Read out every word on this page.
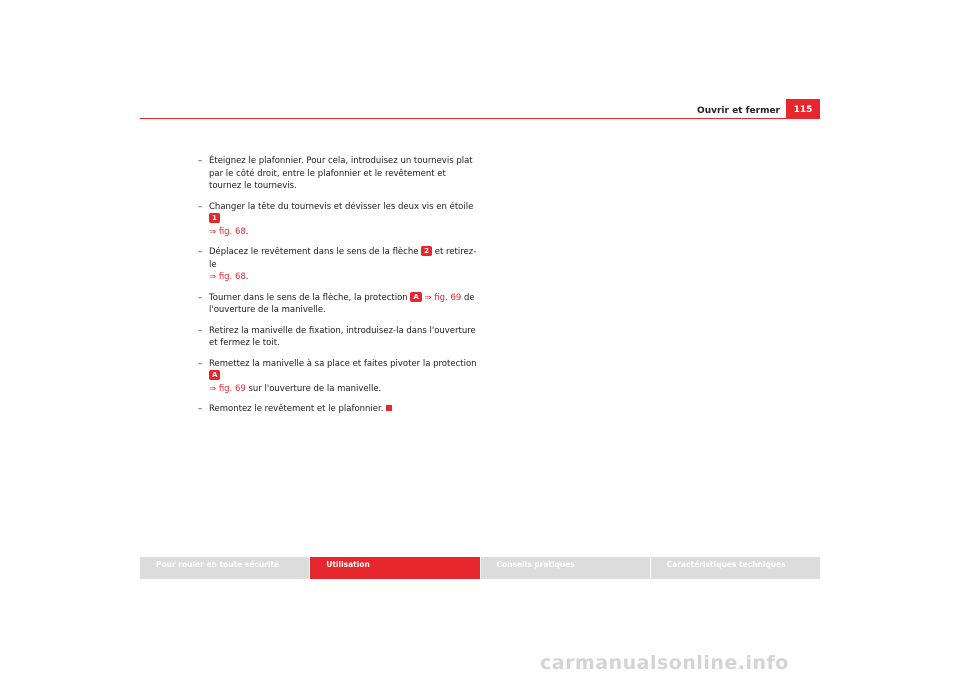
Ouvrir et fermer	115
– Éteignez le plafonnier. Pour cela, introduisez un tournevis plat par le côté droit, entre le plafonnier et le revêtement et tournez le tournevis.
– Changer la tête du tournevis et dévisser les deux vis en étoile 1
⇒ fig. 68.
– Déplacez le revêtement dans le sens de la flèche 2 et retirez-le
⇒ fig. 68.
– Tourner dans le sens de la flèche, la protection A ⇒ fig. 69 de l'ouverture de la manivelle.
– Retirez la manivelle de fixation, introduisez-la dans l'ouverture et fermez le toit.
– Remettez la manivelle à sa place et faites pivoter la protection A
⇒ fig. 69 sur l'ouverture de la manivelle.
– Remontez le revêtement et le plafonnier.
Pour rouler en toute sécurité	Utilisation	Conseils pratiques	Caractéristiques techniques
carmanualsonline.info
